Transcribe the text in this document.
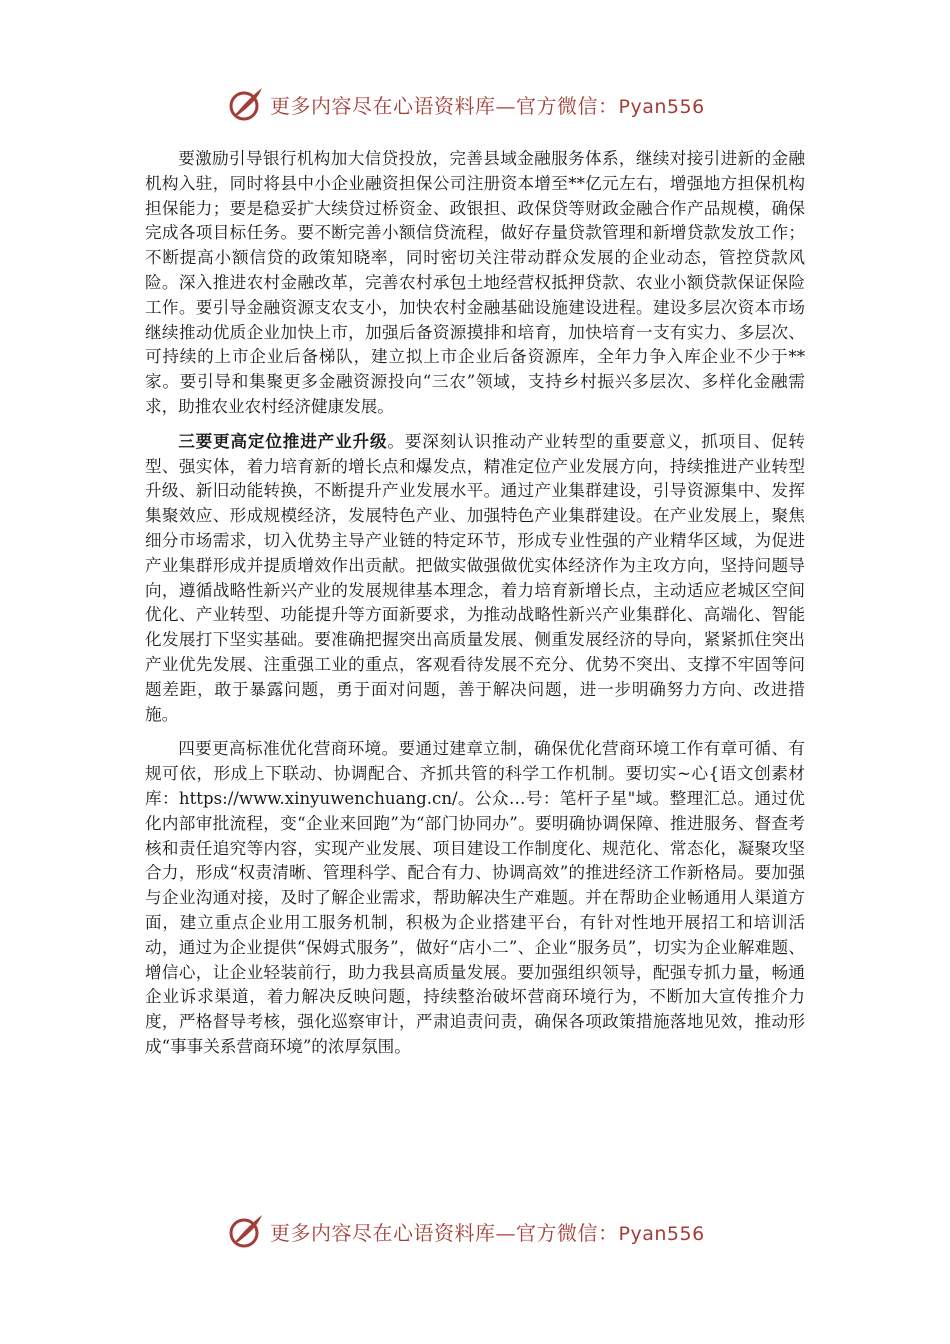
更多内容尽在心语资料库—官方微信：Pyan556

要激励引导银行机构加大信贷投放，完善县域金融服务体系，继续对接引进新的金融机构入驻，同时将县中小企业融资担保公司注册资本增至**亿元左右，增强地方担保机构担保能力；要是稳妥扩大续贷过桥资金、政银担、政保贷等财政金融合作产品规模，确保完成各项目标任务。要不断完善小额信贷流程，做好存量贷款管理和新增贷款发放工作；不断提高小额信贷的政策知晓率，同时密切关注带动群众发展的企业动态，管控贷款风险。深入推进农村金融改革，完善农村承包土地经营权抵押贷款、农业小额贷款保证保险工作。要引导金融资源支农支小，加快农村金融基础设施建设进程。建设多层次资本市场继续推动优质企业加快上市，加强后备资源摸排和培育，加快培育一支有实力、多层次、可持续的上市企业后备梯队，建立拟上市企业后备资源库，全年力争入库企业不少于**家。要引导和集聚更多金融资源投向“三农”领域，支持乡村振兴多层次、多样化金融需求，助推农业农村经济健康发展。

三要更高定位推进产业升级。要深刻认识推动产业转型的重要意义，抓项目、促转型、强实体，着力培育新的增长点和爆发点，精准定位产业发展方向，持续推进产业转型升级、新旧动能转换，不断提升产业发展水平。通过产业集群建设，引导资源集中、发挥集聚效应、形成规模经济，发展特色产业、加强特色产业集群建设。在产业发展上，聚焦细分市场需求，切入优势主导产业链的特定环节，形成专业性强的产业精华区域，为促进产业集群形成并提质增效作出贡献。把做实做强做优实体经济作为主攻方向，坚持问题导向，遵循战略性新兴产业的发展规律基本理念，着力培育新增长点，主动适应老城区空间优化、产业转型、功能提升等方面新要求，为推动战略性新兴产业集群化、高端化、智能化发展打下坚实基础。要准确把握突出高质量发展、侧重发展经济的导向，紧紧抓住突出产业优先发展、注重强工业的重点，客观看待发展不充分、优势不突出、支撑不牢固等问题差距，敢于暴露问题，勇于面对问题，善于解决问题，进一步明确努力方向、改进措施。

四要更高标准优化营商环境。要通过建章立制，确保优化营商环境工作有章可循、有规可依，形成上下联动、协调配合、齐抓共管的科学工作机制。要切实~心{语文创素材库：https://www.xinyuwenchuang.cn/。公众…号：笔杆子星"域。整理汇总。通过优化内部审批流程，变“企业来回跑”为“部门协同办”。要明确协调保障、推进服务、督查考核和责任追究等内容，实现产业发展、项目建设工作制度化、规范化、常态化，凝聚攻坚合力，形成“权责清晰、管理科学、配合有力、协调高效”的推进经济工作新格局。要加强与企业沟通对接，及时了解企业需求，帮助解决生产难题。并在帮助企业畅通用人渠道方面，建立重点企业用工服务机制，积极为企业搭建平台，有针对性地开展招工和培训活动，通过为企业提供“保姆式服务”，做好“店小二”、企业“服务员”，切实为企业解难题、增信心，让企业轻装前行，助力我县高质量发展。要加强组织领导，配强专抓力量，畅通企业诉求渠道，着力解决反映问题，持续整治破坏营商环境行为，不断加大宣传推介力度，严格督导考核，强化巡察审计，严肃追责问责，确保各项政策措施落地见效，推动形成“事事关系营商环境”的浓厚氛围。

更多内容尽在心语资料库—官方微信：Pyan556
